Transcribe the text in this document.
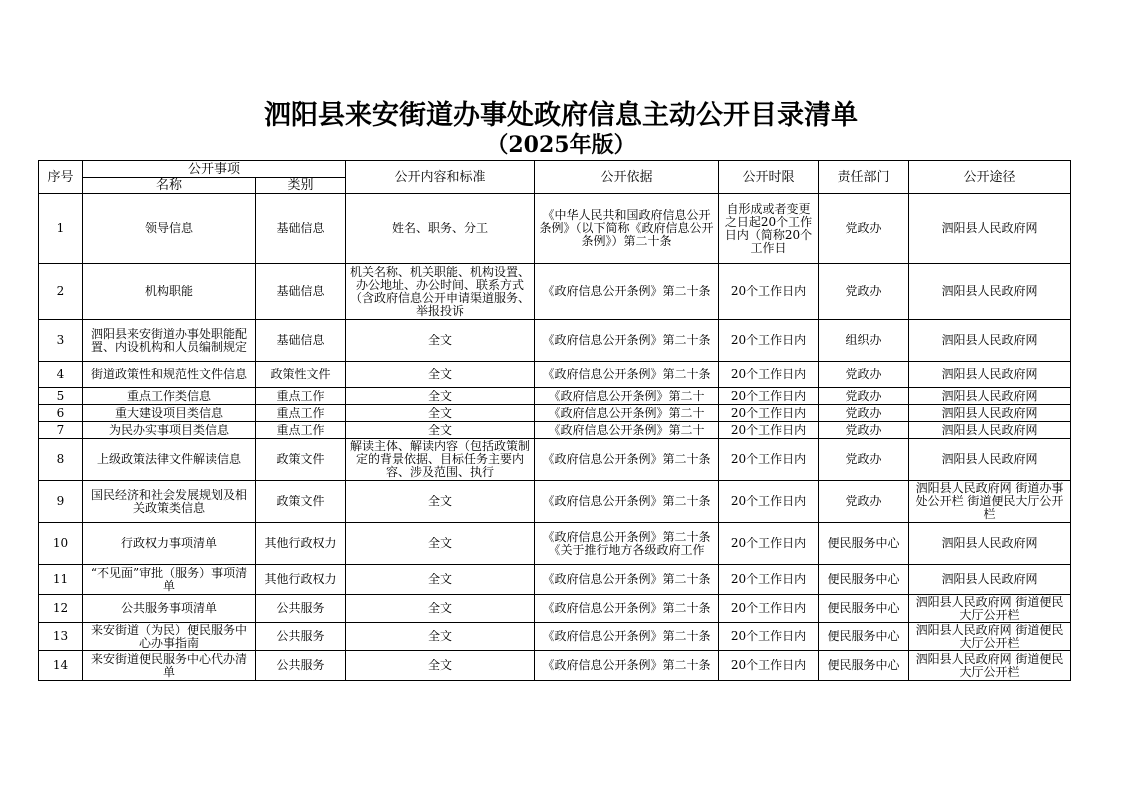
泗阳县来安街道办事处政府信息主动公开目录清单
（2025年版）
序号	公开事项		公开内容和标准	公开依据	公开时限	责任部门	公开途径
	名称	类别					

1	领导信息	基础信息	姓名、职务、分工	《中华人民共和国政府信息公开条例》（以下简称《政府信息公开条例》）第二十条	自形成或者变更之日起20个工作日内（简称20个工作日	党政办	泗阳县人民政府网

2	机构职能	基础信息	机关名称、机关职能、机构设置、办公地址、办公时间、联系方式（含政府信息公开申请渠道服务、举报投诉	《政府信息公开条例》第二十条	20个工作日内	党政办	泗阳县人民政府网

3	泗阳县来安街道办事处职能配置、内设机构和人员编制规定	基础信息	全文	《政府信息公开条例》第二十条	20个工作日内	组织办	泗阳县人民政府网

4	街道政策性和规范性文件信息	政策性文件	全文	《政府信息公开条例》第二十条	20个工作日内	党政办	泗阳县人民政府网

5	重点工作类信息	重点工作	全文	《政府信息公开条例》第二十	20个工作日内	党政办	泗阳县人民政府网

6	重大建设项目类信息	重点工作	全文	《政府信息公开条例》第二十	20个工作日内	党政办	泗阳县人民政府网

7	为民办实事项目类信息	重点工作	全文	《政府信息公开条例》第二十	20个工作日内	党政办	泗阳县人民政府网

8	上级政策法律文件解读信息	政策文件	解读主体、解读内容（包括政策制定的背景依据、目标任务主要内容、涉及范围、执行	《政府信息公开条例》第二十条	20个工作日内	党政办	泗阳县人民政府网

9	国民经济和社会发展规划及相关政策类信息	政策文件	全文	《政府信息公开条例》第二十条	20个工作日内	党政办	泗阳县人民政府网 街道办事处公开栏 街道便民大厅公开栏

10	行政权力事项清单	其他行政权力	全文	《政府信息公开条例》第二十条 《关于推行地方各级政府工作	20个工作日内	便民服务中心	泗阳县人民政府网

11	“不见面”审批（服务）事项清单	其他行政权力	全文	《政府信息公开条例》第二十条	20个工作日内	便民服务中心	泗阳县人民政府网

12	公共服务事项清单	公共服务	全文	《政府信息公开条例》第二十条	20个工作日内	便民服务中心	泗阳县人民政府网 街道便民大厅公开栏

13	来安街道（为民）便民服务中心办事指南	公共服务	全文	《政府信息公开条例》第二十条	20个工作日内	便民服务中心	泗阳县人民政府网 街道便民大厅公开栏

14	来安街道便民服务中心代办清单	公共服务	全文	《政府信息公开条例》第二十条	20个工作日内	便民服务中心	泗阳县人民政府网 街道便民大厅公开栏
